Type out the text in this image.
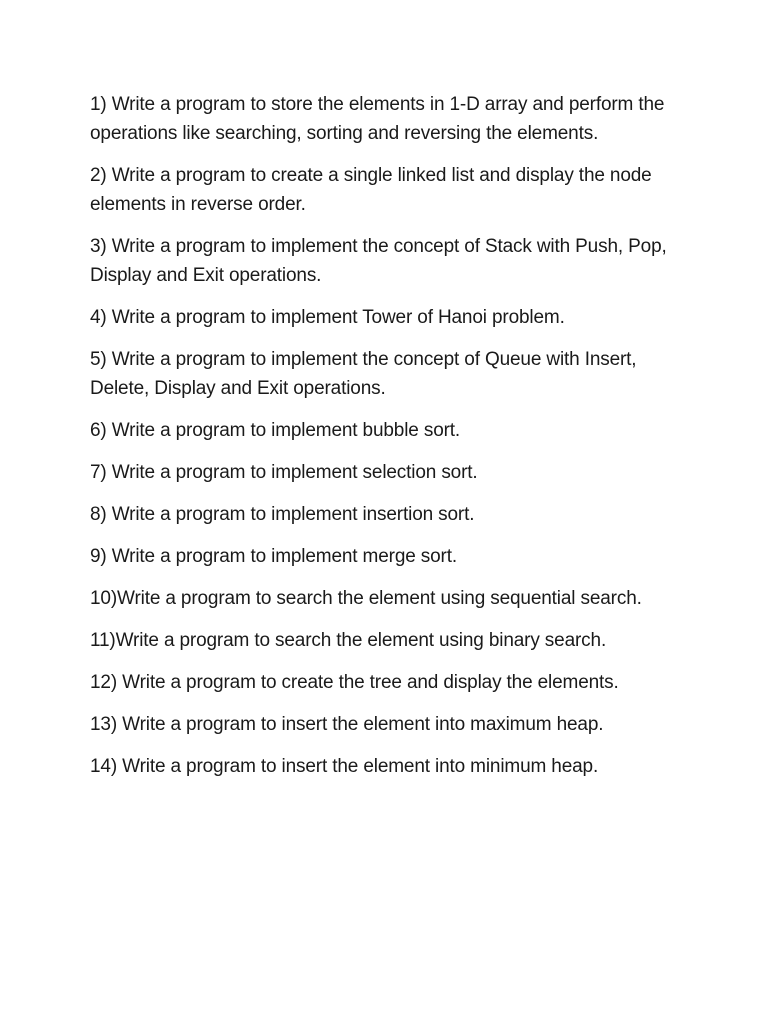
1) Write a program to store the elements in 1-D array and perform the operations like searching, sorting and reversing the elements.
2) Write a program to create a single linked list and display the node elements in reverse order.
3) Write a program to implement the concept of Stack with Push, Pop, Display and Exit operations.
4) Write a program to implement Tower of Hanoi problem.
5) Write a program to implement the concept of Queue with Insert, Delete, Display and Exit operations.
6) Write a program to implement bubble sort.
7) Write a program to implement selection sort.
8) Write a program to implement insertion sort.
9) Write a program to implement merge sort.
10)Write a program to search the element using sequential search.
11)Write a program to search the element using binary search.
12) Write a program to create the tree and display the elements.
13) Write a program to insert the element into maximum heap.
14) Write a program to insert the element into minimum heap.
